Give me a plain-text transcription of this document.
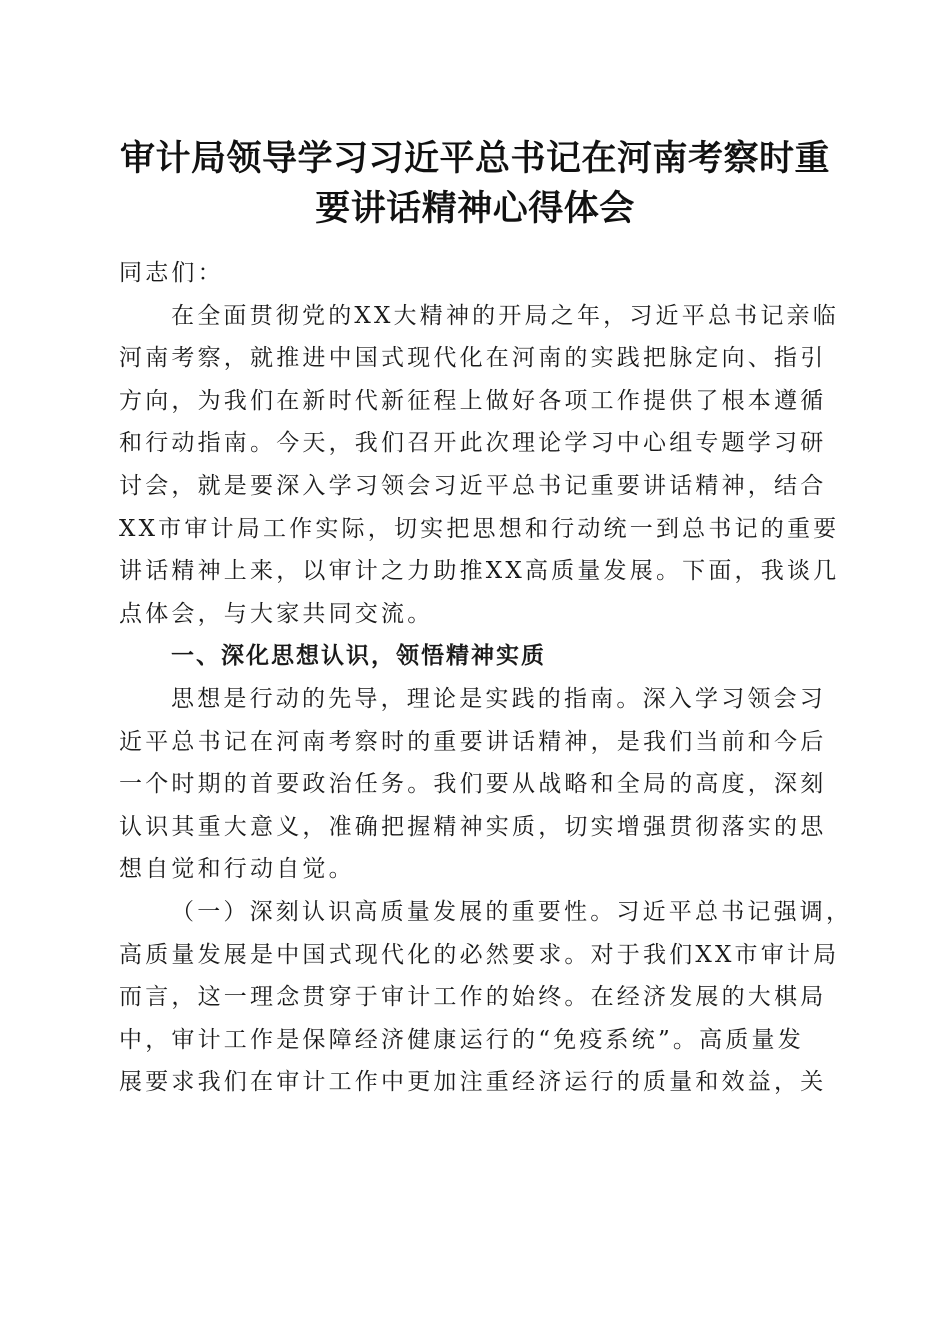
审计局领导学习习近平总书记在河南考察时重
要讲话精神心得体会
同志们：
在全面贯彻党的XX大精神的开局之年，习近平总书记亲临
河南考察，就推进中国式现代化在河南的实践把脉定向、指引
方向，为我们在新时代新征程上做好各项工作提供了根本遵循
和行动指南。今天，我们召开此次理论学习中心组专题学习研
讨会，就是要深入学习领会习近平总书记重要讲话精神，结合
XX市审计局工作实际，切实把思想和行动统一到总书记的重要
讲话精神上来，以审计之力助推XX高质量发展。下面，我谈几
点体会，与大家共同交流。
一、深化思想认识，领悟精神实质
思想是行动的先导，理论是实践的指南。深入学习领会习
近平总书记在河南考察时的重要讲话精神，是我们当前和今后
一个时期的首要政治任务。我们要从战略和全局的高度，深刻
认识其重大意义，准确把握精神实质，切实增强贯彻落实的思
想自觉和行动自觉。
（一）深刻认识高质量发展的重要性。习近平总书记强调，
高质量发展是中国式现代化的必然要求。对于我们XX市审计局
而言，这一理念贯穿于审计工作的始终。在经济发展的大棋局
中，审计工作是保障经济健康运行的“免疫系统”。高质量发
展要求我们在审计工作中更加注重经济运行的质量和效益，关
